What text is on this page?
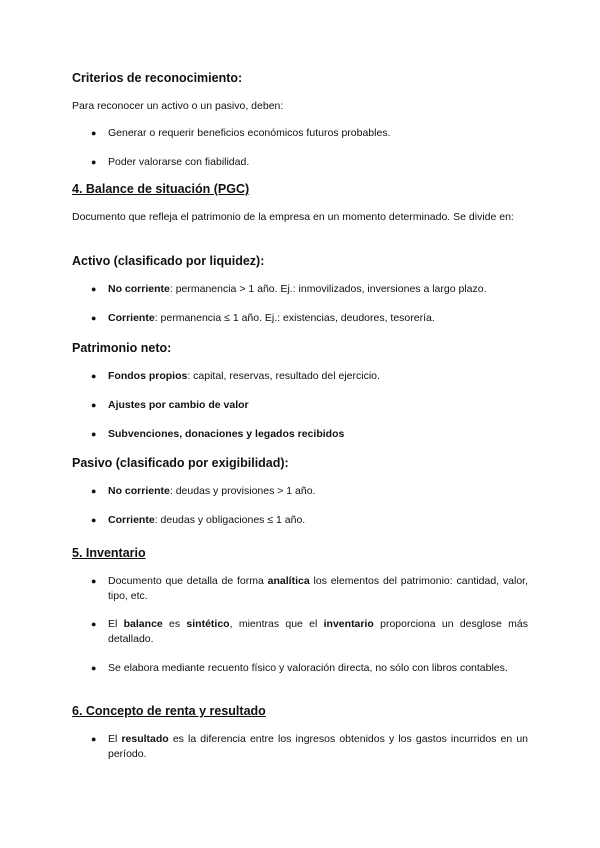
Criterios de reconocimiento:
Para reconocer un activo o un pasivo, deben:
● Generar o requerir beneficios económicos futuros probables.
● Poder valorarse con fiabilidad.
4. Balance de situación (PGC)
Documento que refleja el patrimonio de la empresa en un momento determinado. Se divide en:
Activo (clasificado por liquidez):
● No corriente: permanencia > 1 año. Ej.: inmovilizados, inversiones a largo plazo.
● Corriente: permanencia ≤ 1 año. Ej.: existencias, deudores, tesorería.
Patrimonio neto:
● Fondos propios: capital, reservas, resultado del ejercicio.
● Ajustes por cambio de valor
● Subvenciones, donaciones y legados recibidos
Pasivo (clasificado por exigibilidad):
● No corriente: deudas y provisiones > 1 año.
● Corriente: deudas y obligaciones ≤ 1 año.
5. Inventario
● Documento que detalla de forma analítica los elementos del patrimonio: cantidad, valor, tipo, etc.
● El balance es sintético, mientras que el inventario proporciona un desglose más detallado.
● Se elabora mediante recuento físico y valoración directa, no sólo con libros contables.
6. Concepto de renta y resultado
● El resultado es la diferencia entre los ingresos obtenidos y los gastos incurridos en un período.
